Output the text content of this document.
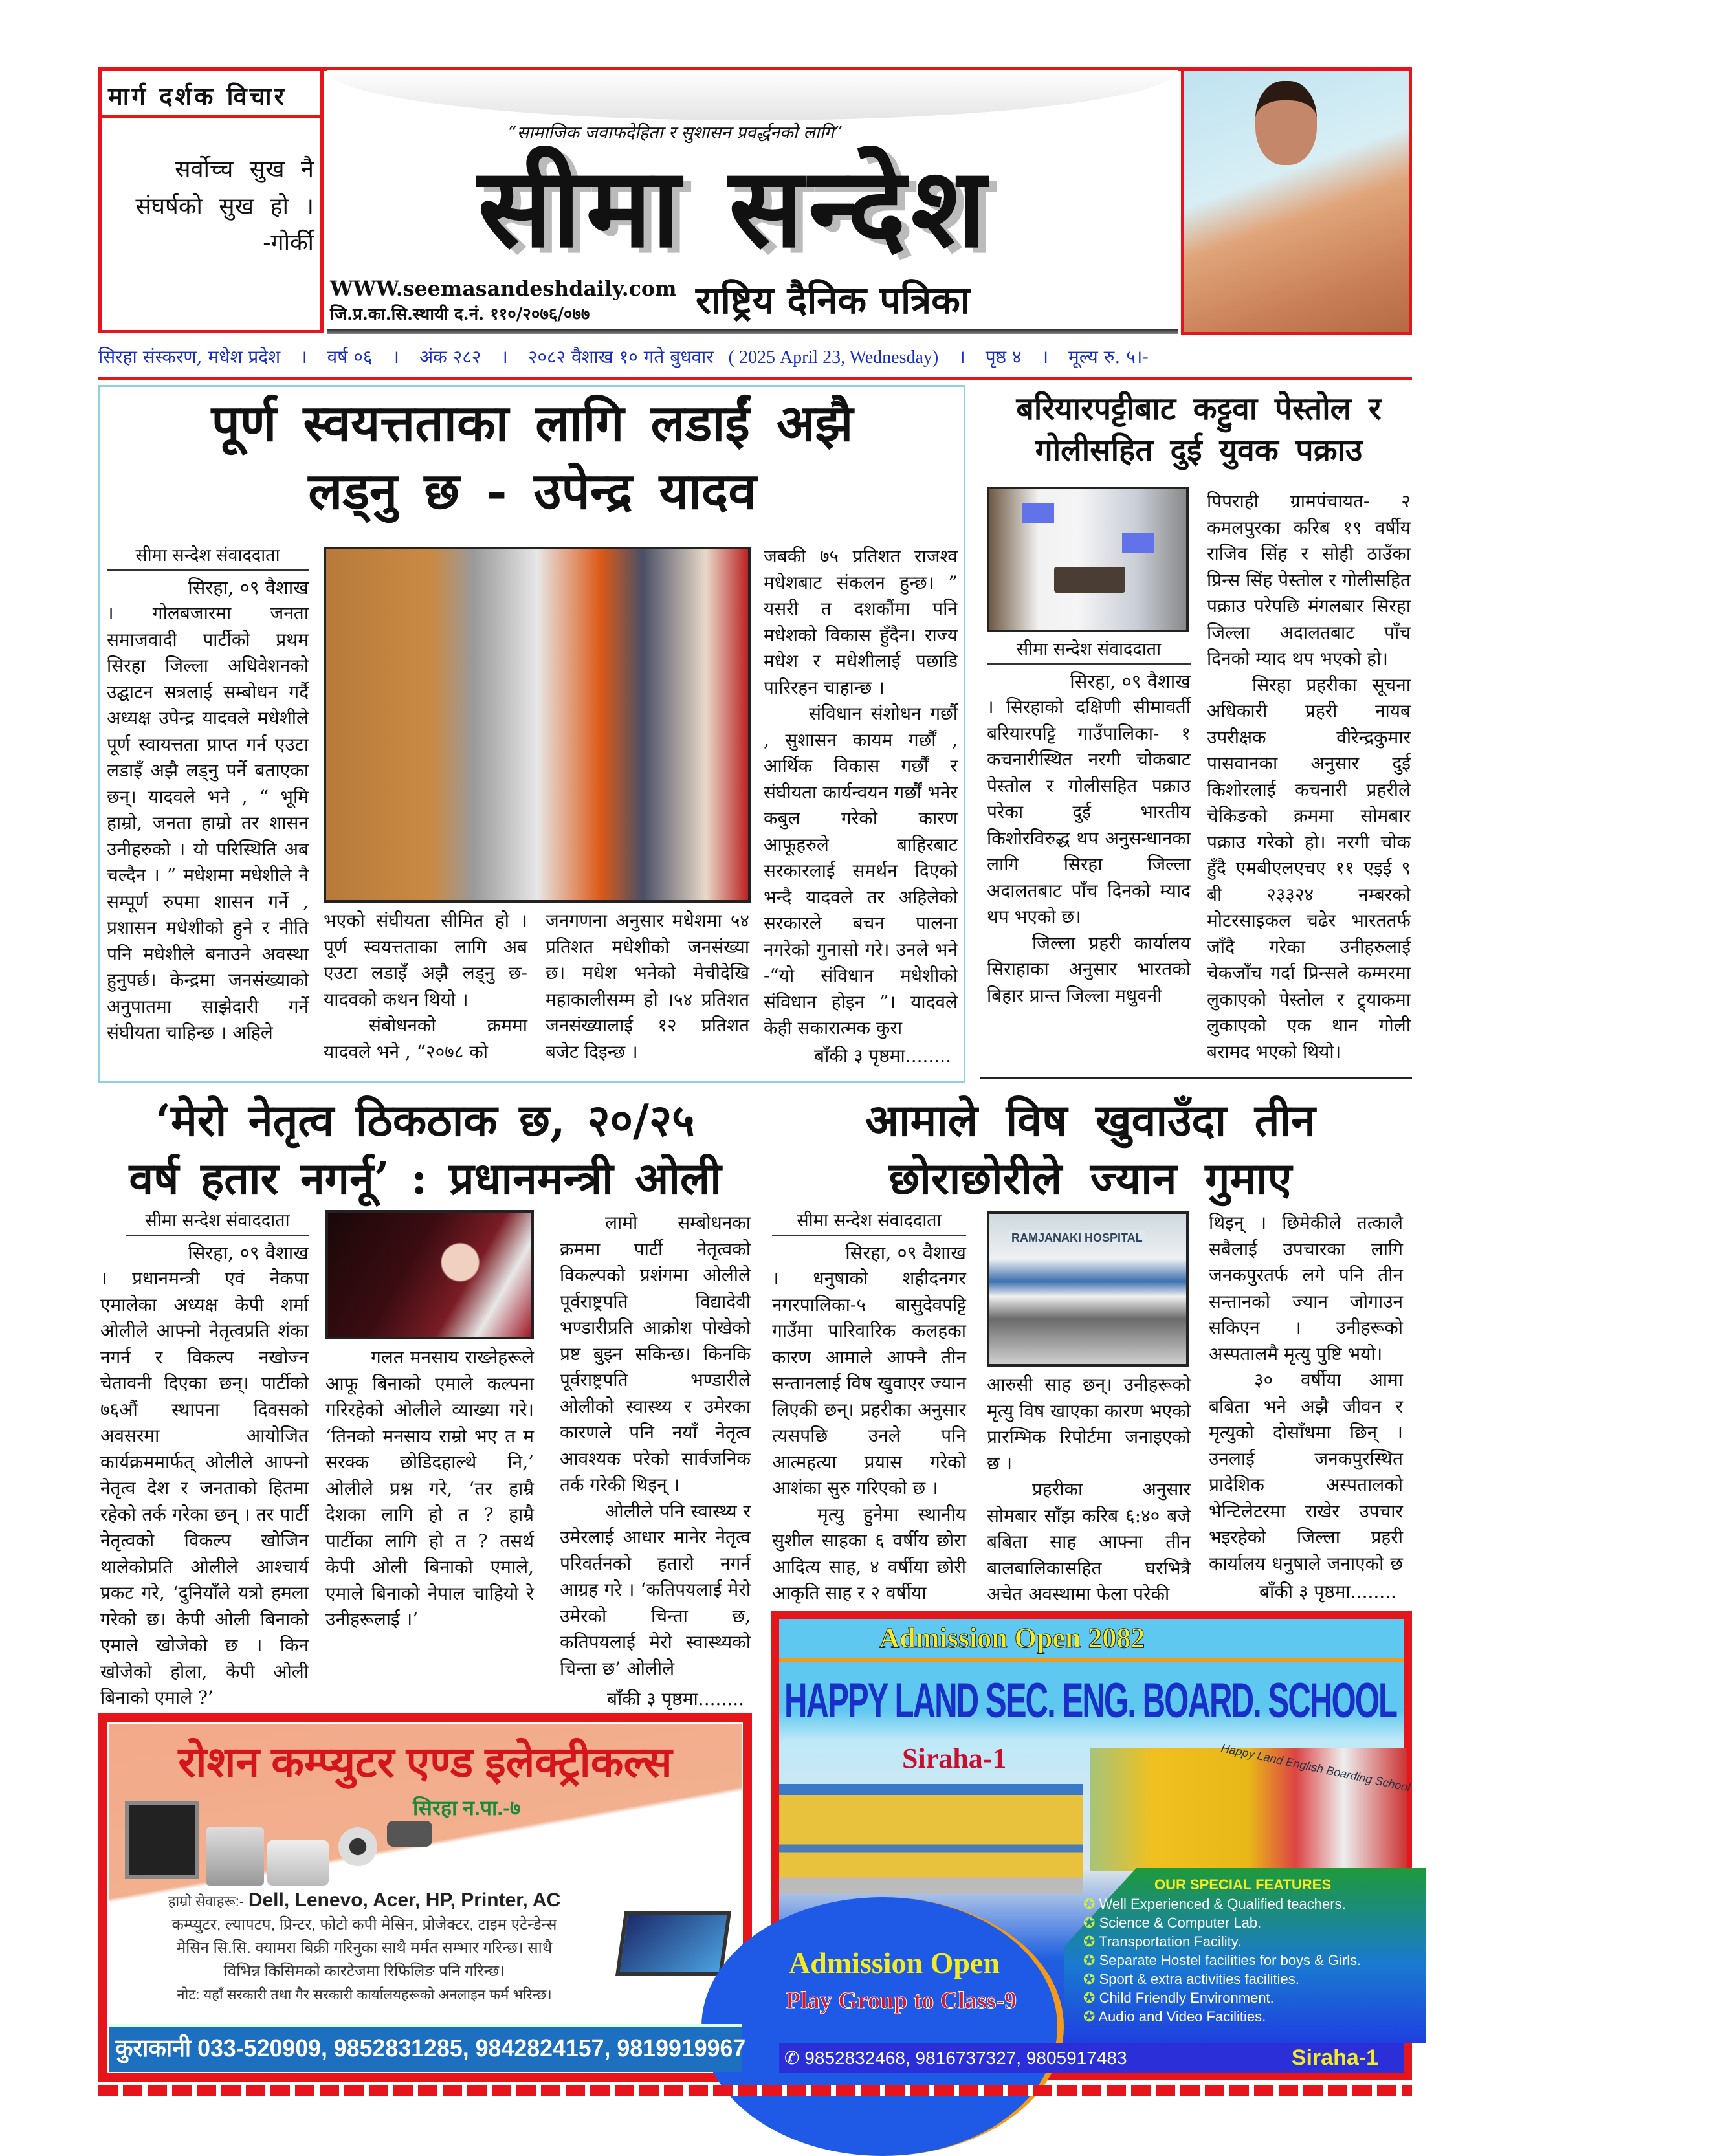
मार्ग दर्शक विचार
सर्वोच्च सुख नै संघर्षको सुख हो ।
-गोर्की
“सामाजिक जवाफदेहिता र सुशासन प्रवर्द्धनको लागि”
सीमा सन्देश
WWW.seemasandeshdaily.com
जि.प्र.का.सि.स्थायी द.नं. ११०/२०७६/०७७	राष्ट्रिय दैनिक पत्रिका
सिरहा संस्करण, मधेश प्रदेश । वर्ष ०६ । अंक २८२ । २०८२ वैशाख १० गते बुधवार ( 2025 April 23, Wednesday) । पृष्ठ ४ । मूल्य रु. ५।-
पूर्ण स्वयत्तताका लागि लडाईं अझै
लड्नु छ - उपेन्द्र यादव
सीमा सन्देश संवाददाता
सिरहा, ०९ वैशाख

। गोलबजारमा जनता समाजवादी पार्टीको प्रथम सिरहा जिल्ला अधिवेशनको उद्घाटन सत्रलाई सम्बोधन गर्दै अध्यक्ष उपेन्द्र यादवले मधेशीले पूर्ण स्वायत्तता प्राप्त गर्न एउटा लडाइँ अझै लड्नु पर्ने बताएका छन्। यादवले भने , “ भूमि हाम्रो, जनता हाम्रो तर शासन उनीहरुको । यो परिस्थिति अब चल्दैन । ” मधेशमा मधेशीले नै सम्पूर्ण रुपमा शासन गर्ने , प्रशासन मधेशीको हुने र नीति पनि मधेशीले बनाउने अवस्था हुनुपर्छ। केन्द्रमा जनसंख्याको अनुपातमा साझेदारी गर्ने संघीयता चाहिन्छ । अहिले

भएको संघीयता सीमित हो । पूर्ण स्वयत्तताका लागि अब एउटा लडाइँ अझै लड्नु छ- यादवको कथन थियो ।

संबोधनको क्रममा यादवले भने , “२०७८ को

जनगणना अनुसार मधेशमा ५४ प्रतिशत मधेशीको जनसंख्या छ। मधेश भनेको मेचीदेखि महाकालीसम्म हो ।५४ प्रतिशत जनसंख्यालाई १२ प्रतिशत बजेट दिइन्छ ।

जबकी ७५ प्रतिशत राजश्व मधेशबाट संकलन हुन्छ। ” यसरी त दशकौंमा पनि मधेशको विकास हुँदैन। राज्य मधेश र मधेशीलाई पछाडि पारिरहन चाहान्छ ।

संविधान संशोधन गर्छौ , सुशासन कायम गर्छौं , आर्थिक विकास गर्छौं र संघीयता कार्यन्वयन गर्छौं भनेर कबुल गरेको कारण आफूहरुले बाहिरबाट सरकारलाई समर्थन दिएको भन्दै यादवले तर अहिलेको सरकारले बचन पालना नगरेको गुनासो गरे। उनले भने -“यो संविधान मधेशीको संविधान होइन ”। यादवले केही सकारात्मक कुरा

बाँकी ३ पृष्ठमा........
बरियारपट्टीबाट कट्टुवा पेस्तोल र गोलीसहित दुई युवक पक्राउ
सीमा सन्देश संवाददाता
सिरहा, ०९ वैशाख

। सिरहाको दक्षिणी सीमावर्ती बरियारपट्टि गाउँपालिका- १ कचनारीस्थित नरगी चोकबाट पेस्तोल र गोलीसहित पक्राउ परेका दुई भारतीय किशोरविरुद्ध थप अनुसन्धानका लागि सिरहा जिल्ला अदालतबाट पाँच दिनको म्याद थप भएको छ।

जिल्ला प्रहरी कार्यालय सिराहाका अनुसार भारतको बिहार प्रान्त जिल्ला मधुवनी

पिपराही ग्रामपंचायत- २ कमलपुरका करिब १९ वर्षीय राजिव सिंह र सोही ठाउँका प्रिन्स सिंह पेस्तोल र गोलीसहित पक्राउ परेपछि मंगलबार सिरहा जिल्ला अदालतबाट पाँच दिनको म्याद थप भएको हो।

सिरहा प्रहरीका सूचना अधिकारी प्रहरी नायब उपरीक्षक वीरेन्द्रकुमार पासवानका अनुसार दुई किशोरलाई कचनारी प्रहरीले चेकिङको क्रममा सोमबार पक्राउ गरेको हो। नरगी चोक हुँदै एमबीएलएचए ११ एइई ९ बी २३३२४ नम्बरको मोटरसाइकल चढेर भारततर्फ जाँदै गरेका उनीहरुलाई चेकजाँच गर्दा प्रिन्सले कम्मरमा लुकाएको पेस्तोल र ट्र्याकमा लुकाएको एक थान गोली बरामद भएको थियो।

‘मेरो नेतृत्व ठिकठाक छ, २०/२५
वर्ष हतार नगर्नू’ : प्रधानमन्त्री ओली
सीमा सन्देश संवाददाता
सिरहा, ०९ वैशाख

। प्रधानमन्त्री एवं नेकपा एमालेका अध्यक्ष केपी शर्मा ओलीले आफ्नो नेतृत्वप्रति शंका नगर्न र विकल्प नखोज्न चेतावनी दिएका छन्। पार्टीको ७६औं स्थापना दिवसको अवसरमा आयोजित कार्यक्रममार्फत् ओलीले आफ्नो नेतृत्व देश र जनताको हितमा रहेको तर्क गरेका छन् । तर पार्टी नेतृत्वको विकल्प खोजिन थालेकोप्रति ओलीले आश्चार्य प्रकट गरे, ‘दुनियाँले यत्रो हमला गरेको छ। केपी ओली बिनाको एमाले खोजेको छ । किन खोजेको होला, केपी ओली बिनाको एमाले ?’

गलत मनसाय राख्नेहरूले आफू बिनाको एमाले कल्पना गरिरहेको ओलीले व्याख्या गरे। ‘तिनको मनसाय राम्रो भए त म सरक्क छोडिदहाल्थे नि,’ ओलीले प्रश्न गरे, ‘तर हाम्रै देशका लागि हो त ? हाम्रै पार्टीका लागि हो त ? तसर्थ केपी ओली बिनाको एमाले, एमाले बिनाको नेपाल चाहियो रे उनीहरूलाई ।’

लामो सम्बोधनका क्रममा पार्टी नेतृत्वको विकल्पको प्रशंगमा ओलीले पूर्वराष्ट्रपति विद्यादेवी भण्डारीप्रति आक्रोश पोखेको प्रष्ट बुझ्न सकिन्छ। किनकि पूर्वराष्ट्रपति भण्डारीले ओलीको स्वास्थ्य र उमेरका कारणले पनि नयाँ नेतृत्व आवश्यक परेको सार्वजनिक तर्क गरेकी थिइन् ।

ओलीले पनि स्वास्थ्य र उमेरलाई आधार मानेर नेतृत्व परिवर्तनको हतारो नगर्न आग्रह गरे । ‘कतिपयलाई मेरो उमेरको चिन्ता छ, कतिपयलाई मेरो स्वास्थ्यको चिन्ता छ’ ओलीले

बाँकी ३ पृष्ठमा........
आमाले विष खुवाउँदा तीन
छोराछोरीले ज्यान गुमाए
सीमा सन्देश संवाददाता
सिरहा, ०९ वैशाख

। धनुषाको शहीदनगर नगरपालिका-५ बासुदेवपट्टि गाउँमा पारिवारिक कलहका कारण आमाले आफ्नै तीन सन्तानलाई विष खुवाएर ज्यान लिएकी छन्। प्रहरीका अनुसार त्यसपछि उनले पनि आत्महत्या प्रयास गरेको आशंका सुरु गरिएको छ ।

मृत्यु हुनेमा स्थानीय सुशील साहका ६ वर्षीय छोरा आदित्य साह, ४ वर्षीया छोरी आकृति साह र २ वर्षीया

RAMJANAKI HOSPITAL

आरुसी साह छन्। उनीहरूको मृत्यु विष खाएका कारण भएको प्रारम्भिक रिपोर्टमा जनाइएको छ ।

प्रहरीका अनुसार सोमबार साँझ करिब ६:४० बजे बबिता साह आफ्ना तीन बालबालिकासहित घरभित्रै अचेत अवस्थामा फेला परेकी

थिइन् । छिमेकीले तत्कालै सबैलाई उपचारका लागि जनकपुरतर्फ लगे पनि तीन सन्तानको ज्यान जोगाउन सकिएन । उनीहरूको अस्पतालमै मृत्यु पुष्टि भयो।

३० वर्षीया आमा बबिता भने अझै जीवन र मृत्युको दोसाँधमा छिन् । उनलाई जनकपुरस्थित प्रादेशिक अस्पतालको भेन्टिलेटरमा राखेर उपचार भइरहेको जिल्ला प्रहरी कार्यालय धनुषाले जनाएको छ

बाँकी ३ पृष्ठमा........
रोशन कम्प्युटर एण्ड इलेक्ट्रीकल्स
सिरहा न.पा.-७
हाम्रो सेवाहरू:- Dell, Lenevo, Acer, HP, Printer, AC
कम्प्युटर, ल्यापटप, प्रिन्टर, फोटो कपी मेसिन, प्रोजेक्टर, टाइम एटेन्डेन्स
मेसिन सि.सि. क्यामरा बिक्री गरिनुका साथै मर्मत सम्भार गरिन्छ। साथै
विभिन्न किसिमको कारटेजमा रिफिलिङ पनि गरिन्छ।
नोट: यहाँ सरकारी तथा गैर सरकारी कार्यालयहरूको अनलाइन फर्म भरिन्छ।
कुराकानी 033-520909, 9852831285, 9842824157, 9819919967
Admission Open 2082
Happy Land English Boarding School
HAPPY LAND SEC. ENG. BOARD. SCHOOL
Siraha-1
Admission Open
Play Group to Class-9
OUR SPECIAL FEATURES
✪ Well Experienced & Qualified teachers.
✪ Science & Computer Lab.
✪ Transportation Facility.
✪ Separate Hostel facilities for boys & Girls.
✪ Sport & extra activities facilities.
✪ Child Friendly Environment.
✪ Audio and Video Facilities.
✆ 9852832468, 9816737327, 9805917483	Siraha-1
